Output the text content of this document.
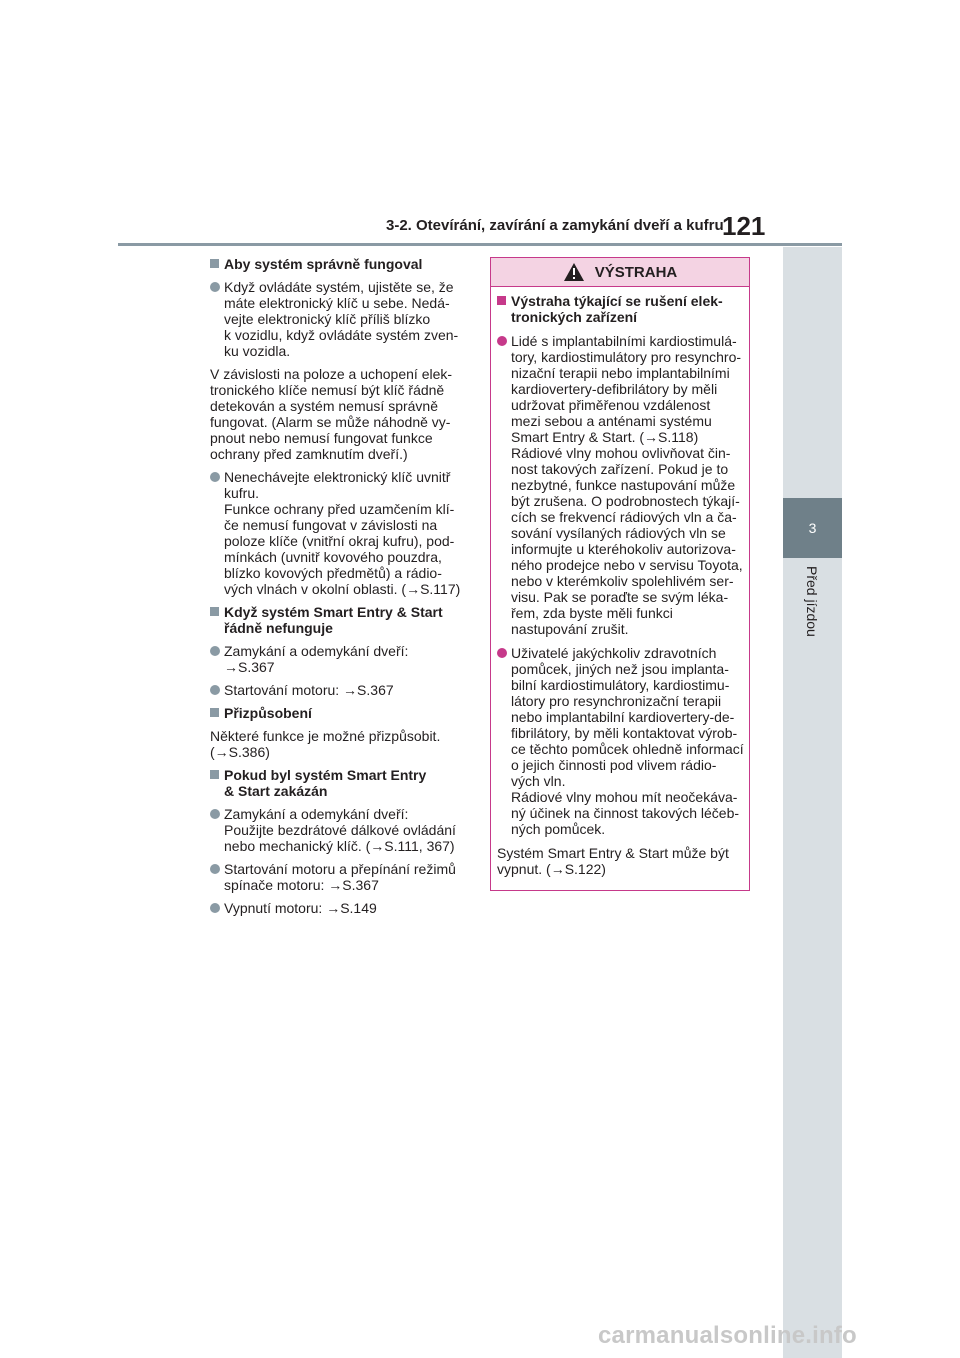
3-2. Otevírání, zavírání a zamykání dveří a kufru
121
3
Před jízdou
Aby systém správně fungoval
Když ovládáte systém, ujistěte se, že
máte elektronický klíč u sebe. Nedá-
vejte elektronický klíč příliš blízko
k vozidlu, když ovládáte systém zven-
ku vozidla.
V závislosti na poloze a uchopení elek-
tronického klíče nemusí být klíč řádně
detekován a systém nemusí správně
fungovat. (Alarm se může náhodně vy-
pnout nebo nemusí fungovat funkce
ochrany před zamknutím dveří.)
Nenechávejte elektronický klíč uvnitř
kufru.
Funkce ochrany před uzamčením klí-
če nemusí fungovat v závislosti na
poloze klíče (vnitřní okraj kufru), pod-
mínkách (uvnitř kovového pouzdra,
blízko kovových předmětů) a rádio-
vých vlnách v okolní oblasti. (→S.117)
Když systém Smart Entry & Start
řádně nefunguje
Zamykání a odemykání dveří:
→S.367
Startování motoru: →S.367
Přizpůsobení
Některé funkce je možné přizpůsobit.
(→S.386)
Pokud byl systém Smart Entry
& Start zakázán
Zamykání a odemykání dveří:
Použijte bezdrátové dálkové ovládání
nebo mechanický klíč. (→S.111, 367)
Startování motoru a přepínání režimů
spínače motoru: →S.367
Vypnutí motoru: →S.149
VÝSTRAHA
Výstraha týkající se rušení elek-
tronických zařízení
Lidé s implantabilními kardiostimulá-
tory, kardiostimulátory pro resynchro-
nizační terapii nebo implantabilními
kardiovertery-defibrilátory by měli
udržovat přiměřenou vzdálenost
mezi sebou a anténami systému
Smart Entry & Start. (→S.118)
Rádiové vlny mohou ovlivňovat čin-
nost takových zařízení. Pokud je to
nezbytné, funkce nastupování může
být zrušena. O podrobnostech týkají-
cích se frekvencí rádiových vln a ča-
sování vysílaných rádiových vln se
informujte u kteréhokoliv autorizova-
ného prodejce nebo v servisu Toyota,
nebo v kterémkoliv spolehlivém ser-
visu. Pak se poraďte se svým léka-
řem, zda byste měli funkci
nastupování zrušit.
Uživatelé jakýchkoliv zdravotních
pomůcek, jiných než jsou implanta-
bilní kardiostimulátory, kardiostimu-
látory pro resynchronizační terapii
nebo implantabilní kardiovertery-de-
fibrilátory, by měli kontaktovat výrob-
ce těchto pomůcek ohledně informací
o jejich činnosti pod vlivem rádio-
vých vln.
Rádiové vlny mohou mít neočekáva-
ný účinek na činnost takových léčeb-
ných pomůcek.
Systém Smart Entry & Start může být
vypnut. (→S.122)
carmanualsonline.info
